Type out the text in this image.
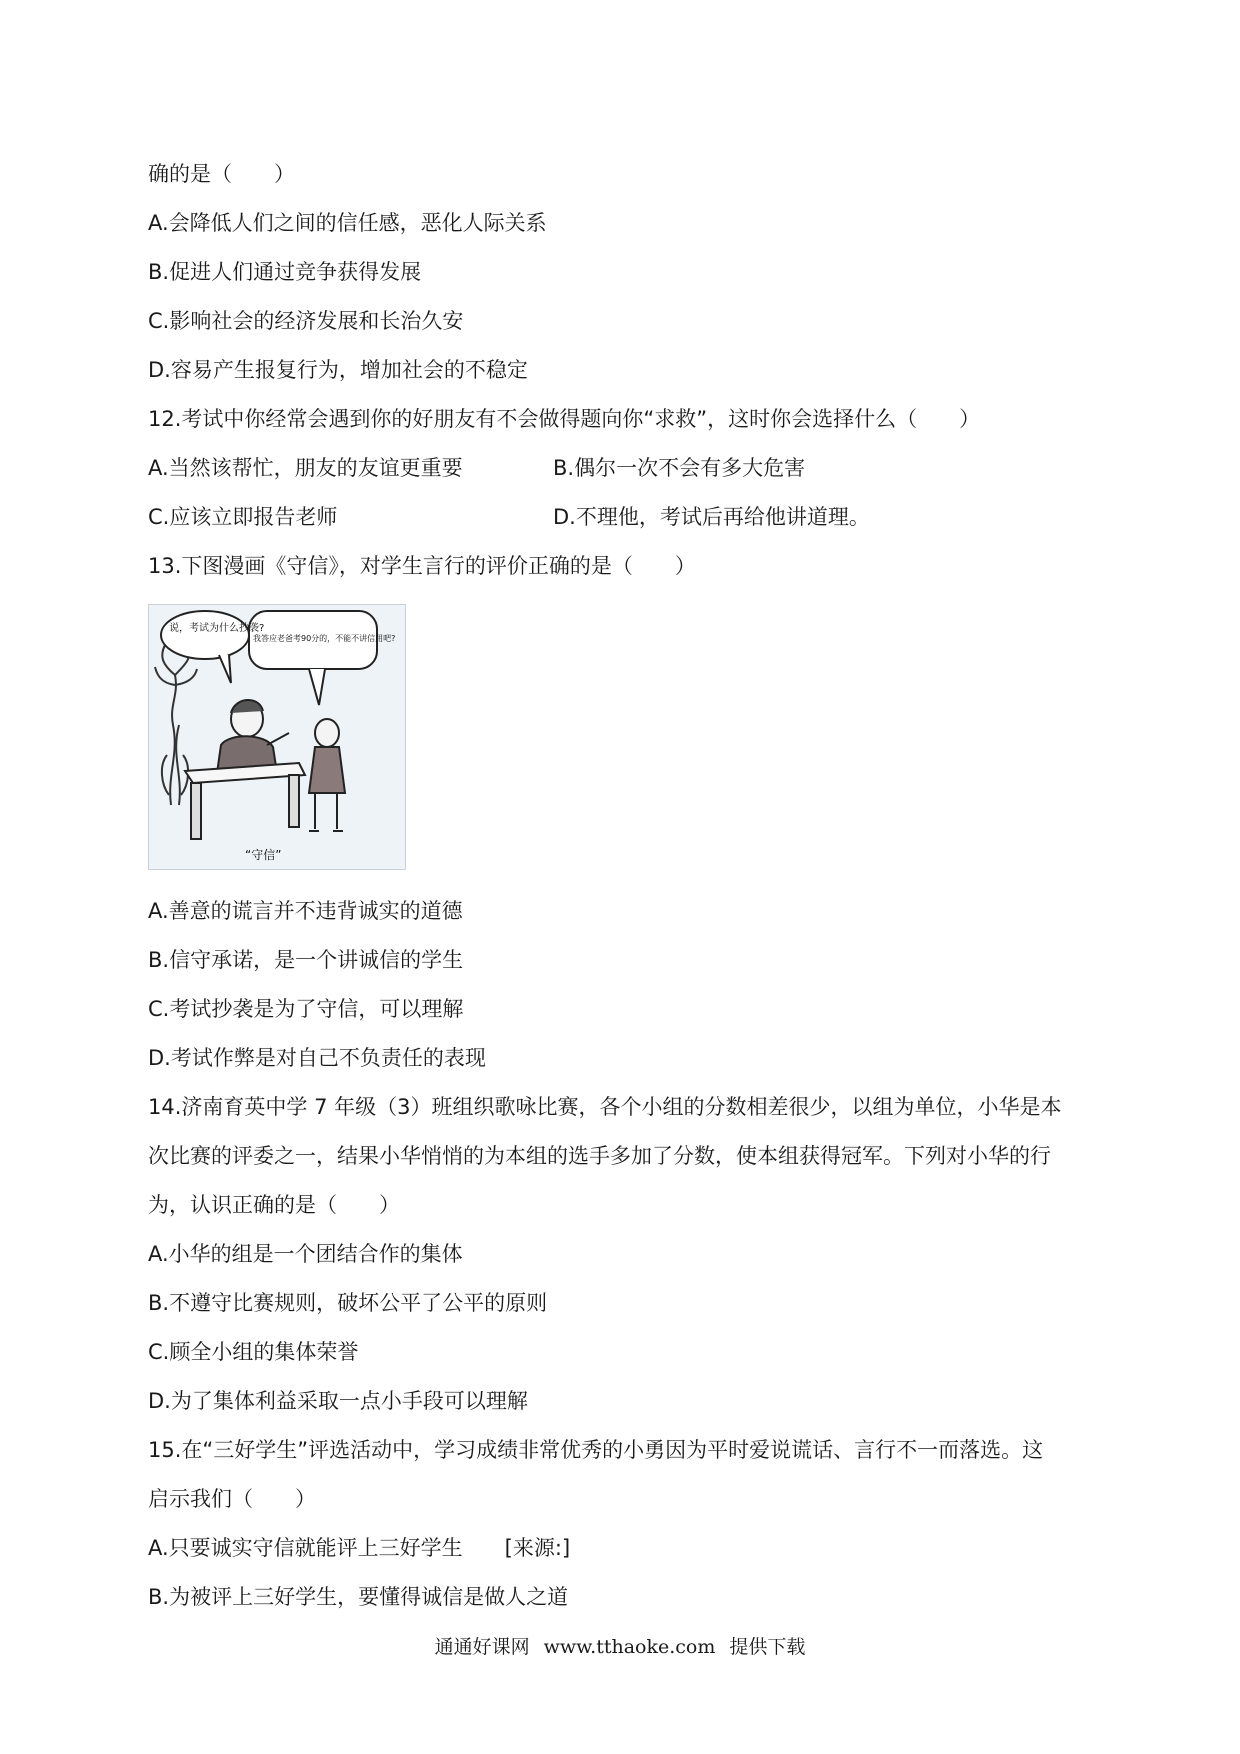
确的是（　　）
A.会降低人们之间的信任感，恶化人际关系
B.促进人们通过竞争获得发展
C.影响社会的经济发展和长治久安
D.容易产生报复行为，增加社会的不稳定
12.考试中你经常会遇到你的好朋友有不会做得题向你“求救”，这时你会选择什么（　　）
A.当然该帮忙，朋友的友谊更重要	B.偶尔一次不会有多大危害
C.应该立即报告老师	D.不理他，考试后再给他讲道理。
13.下图漫画《守信》，对学生言行的评价正确的是（　　）
说，考试为什么抄袭?
我答应老爸考90分的，不能不讲信用吧?
“守信”
A.善意的谎言并不违背诚实的道德
B.信守承诺，是一个讲诚信的学生
C.考试抄袭是为了守信，可以理解
D.考试作弊是对自己不负责任的表现
14.济南育英中学 7 年级（3）班组织歌咏比赛，各个小组的分数相差很少，以组为单位，小华是本
次比赛的评委之一，结果小华悄悄的为本组的选手多加了分数，使本组获得冠军。下列对小华的行
为，认识正确的是（　　）
A.小华的组是一个团结合作的集体
B.不遵守比赛规则，破坏公平了公平的原则
C.顾全小组的集体荣誉
D.为了集体利益采取一点小手段可以理解
15.在“三好学生”评选活动中，学习成绩非常优秀的小勇因为平时爱说谎话、言行不一而落选。这
启示我们（　　）
A.只要诚实守信就能评上三好学生　　[来源:]
B.为被评上三好学生，要懂得诚信是做人之道
通通好课网 www.tthaoke.com 提供下载
